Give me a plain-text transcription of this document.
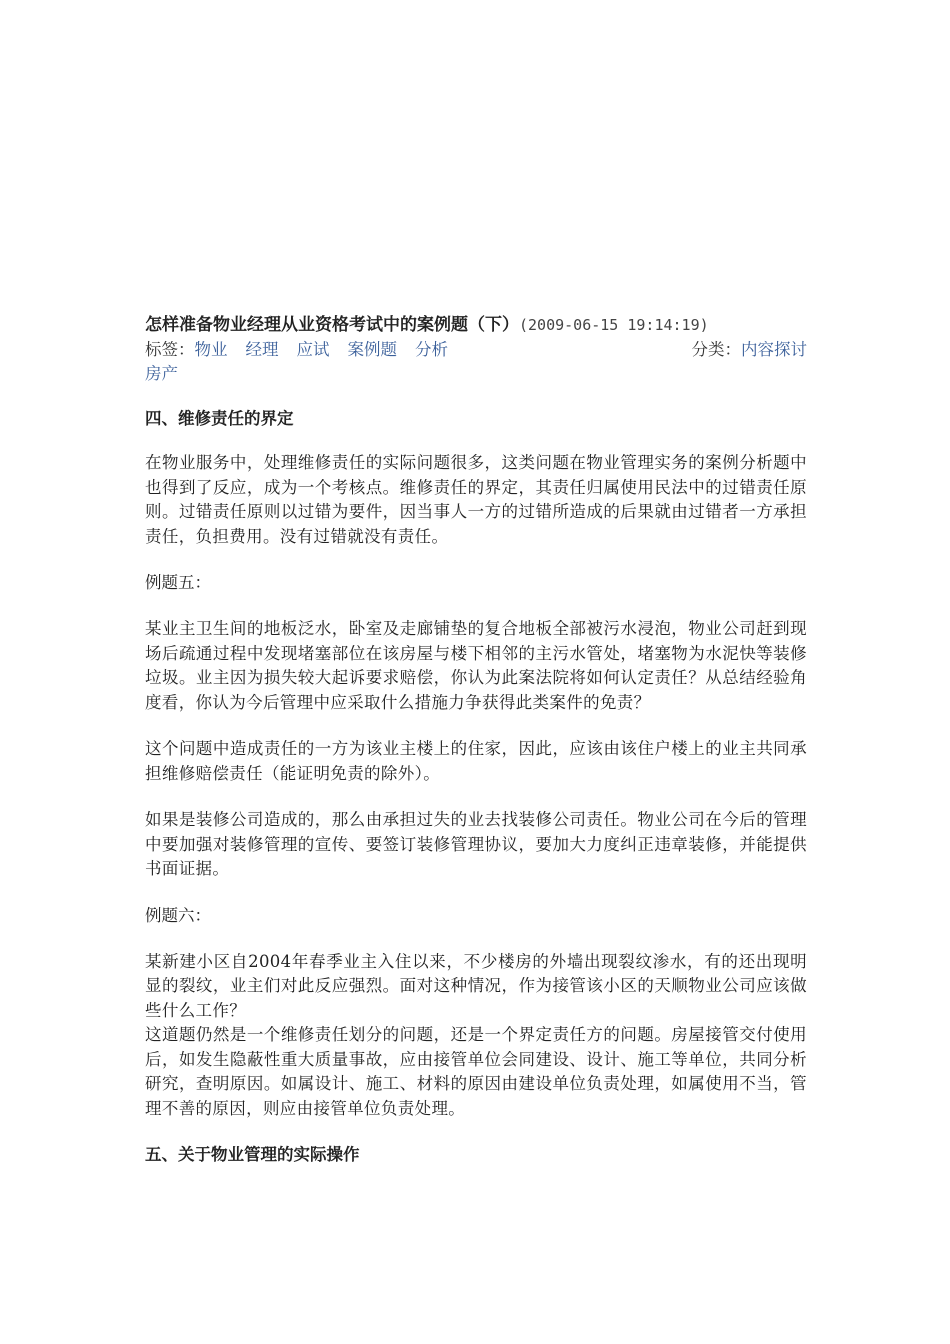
怎样准备物业经理从业资格考试中的案例题（下）(2009-06-15 19:14:19)
标签：物业 经理 应试 案例题 分析	分类：内容探讨
房产
四、维修责任的界定

在物业服务中，处理维修责任的实际问题很多，这类问题在物业管理实务的案例分析题中也得到了反应，成为一个考核点。维修责任的界定，其责任归属使用民法中的过错责任原则。过错责任原则以过错为要件，因当事人一方的过错所造成的后果就由过错者一方承担责任，负担费用。没有过错就没有责任。

例题五：

某业主卫生间的地板泛水，卧室及走廊铺垫的复合地板全部被污水浸泡，物业公司赶到现场后疏通过程中发现堵塞部位在该房屋与楼下相邻的主污水管处，堵塞物为水泥快等装修垃圾。业主因为损失较大起诉要求赔偿，你认为此案法院将如何认定责任？从总结经验角度看，你认为今后管理中应采取什么措施力争获得此类案件的免责？

这个问题中造成责任的一方为该业主楼上的住家，因此，应该由该住户楼上的业主共同承担维修赔偿责任（能证明免责的除外）。

如果是装修公司造成的，那么由承担过失的业去找装修公司责任。物业公司在今后的管理中要加强对装修管理的宣传、要签订装修管理协议，要加大力度纠正违章装修，并能提供书面证据。

例题六：

某新建小区自2004年春季业主入住以来，不少楼房的外墙出现裂纹渗水，有的还出现明显的裂纹，业主们对此反应强烈。面对这种情况，作为接管该小区的天顺物业公司应该做些什么工作？

这道题仍然是一个维修责任划分的问题，还是一个界定责任方的问题。房屋接管交付使用后，如发生隐蔽性重大质量事故，应由接管单位会同建设、设计、施工等单位，共同分析研究，查明原因。如属设计、施工、材料的原因由建设单位负责处理，如属使用不当，管理不善的原因，则应由接管单位负责处理。

五、关于物业管理的实际操作
